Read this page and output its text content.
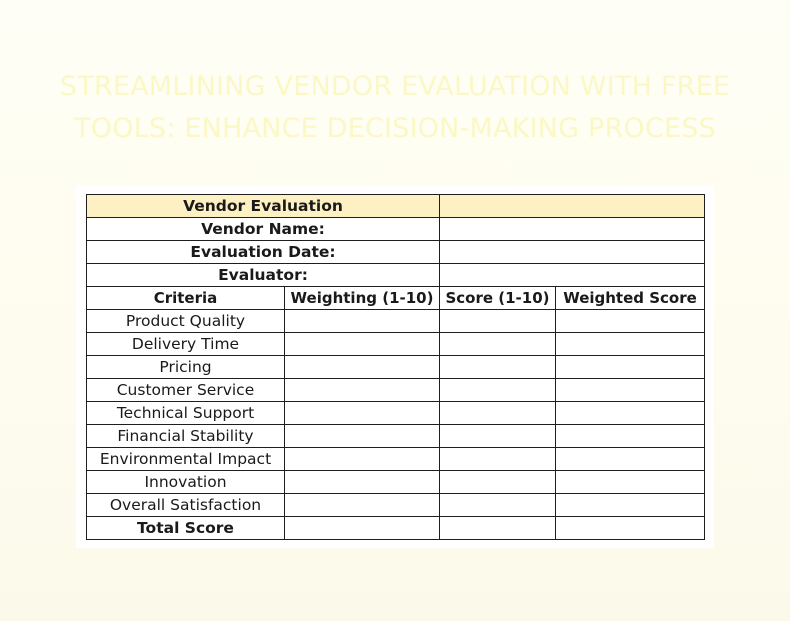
STREAMLINING VENDOR EVALUATION WITH FREE
TOOLS: ENHANCE DECISION-MAKING PROCESS
Vendor Evaluation			
Vendor Name:			
Evaluation Date:			
Evaluator:			
Criteria	Weighting (1-10)	Score (1-10)	Weighted Score
Product Quality			
Delivery Time			
Pricing			
Customer Service			
Technical Support			
Financial Stability			
Environmental Impact			
Innovation			
Overall Satisfaction			
Total Score			
